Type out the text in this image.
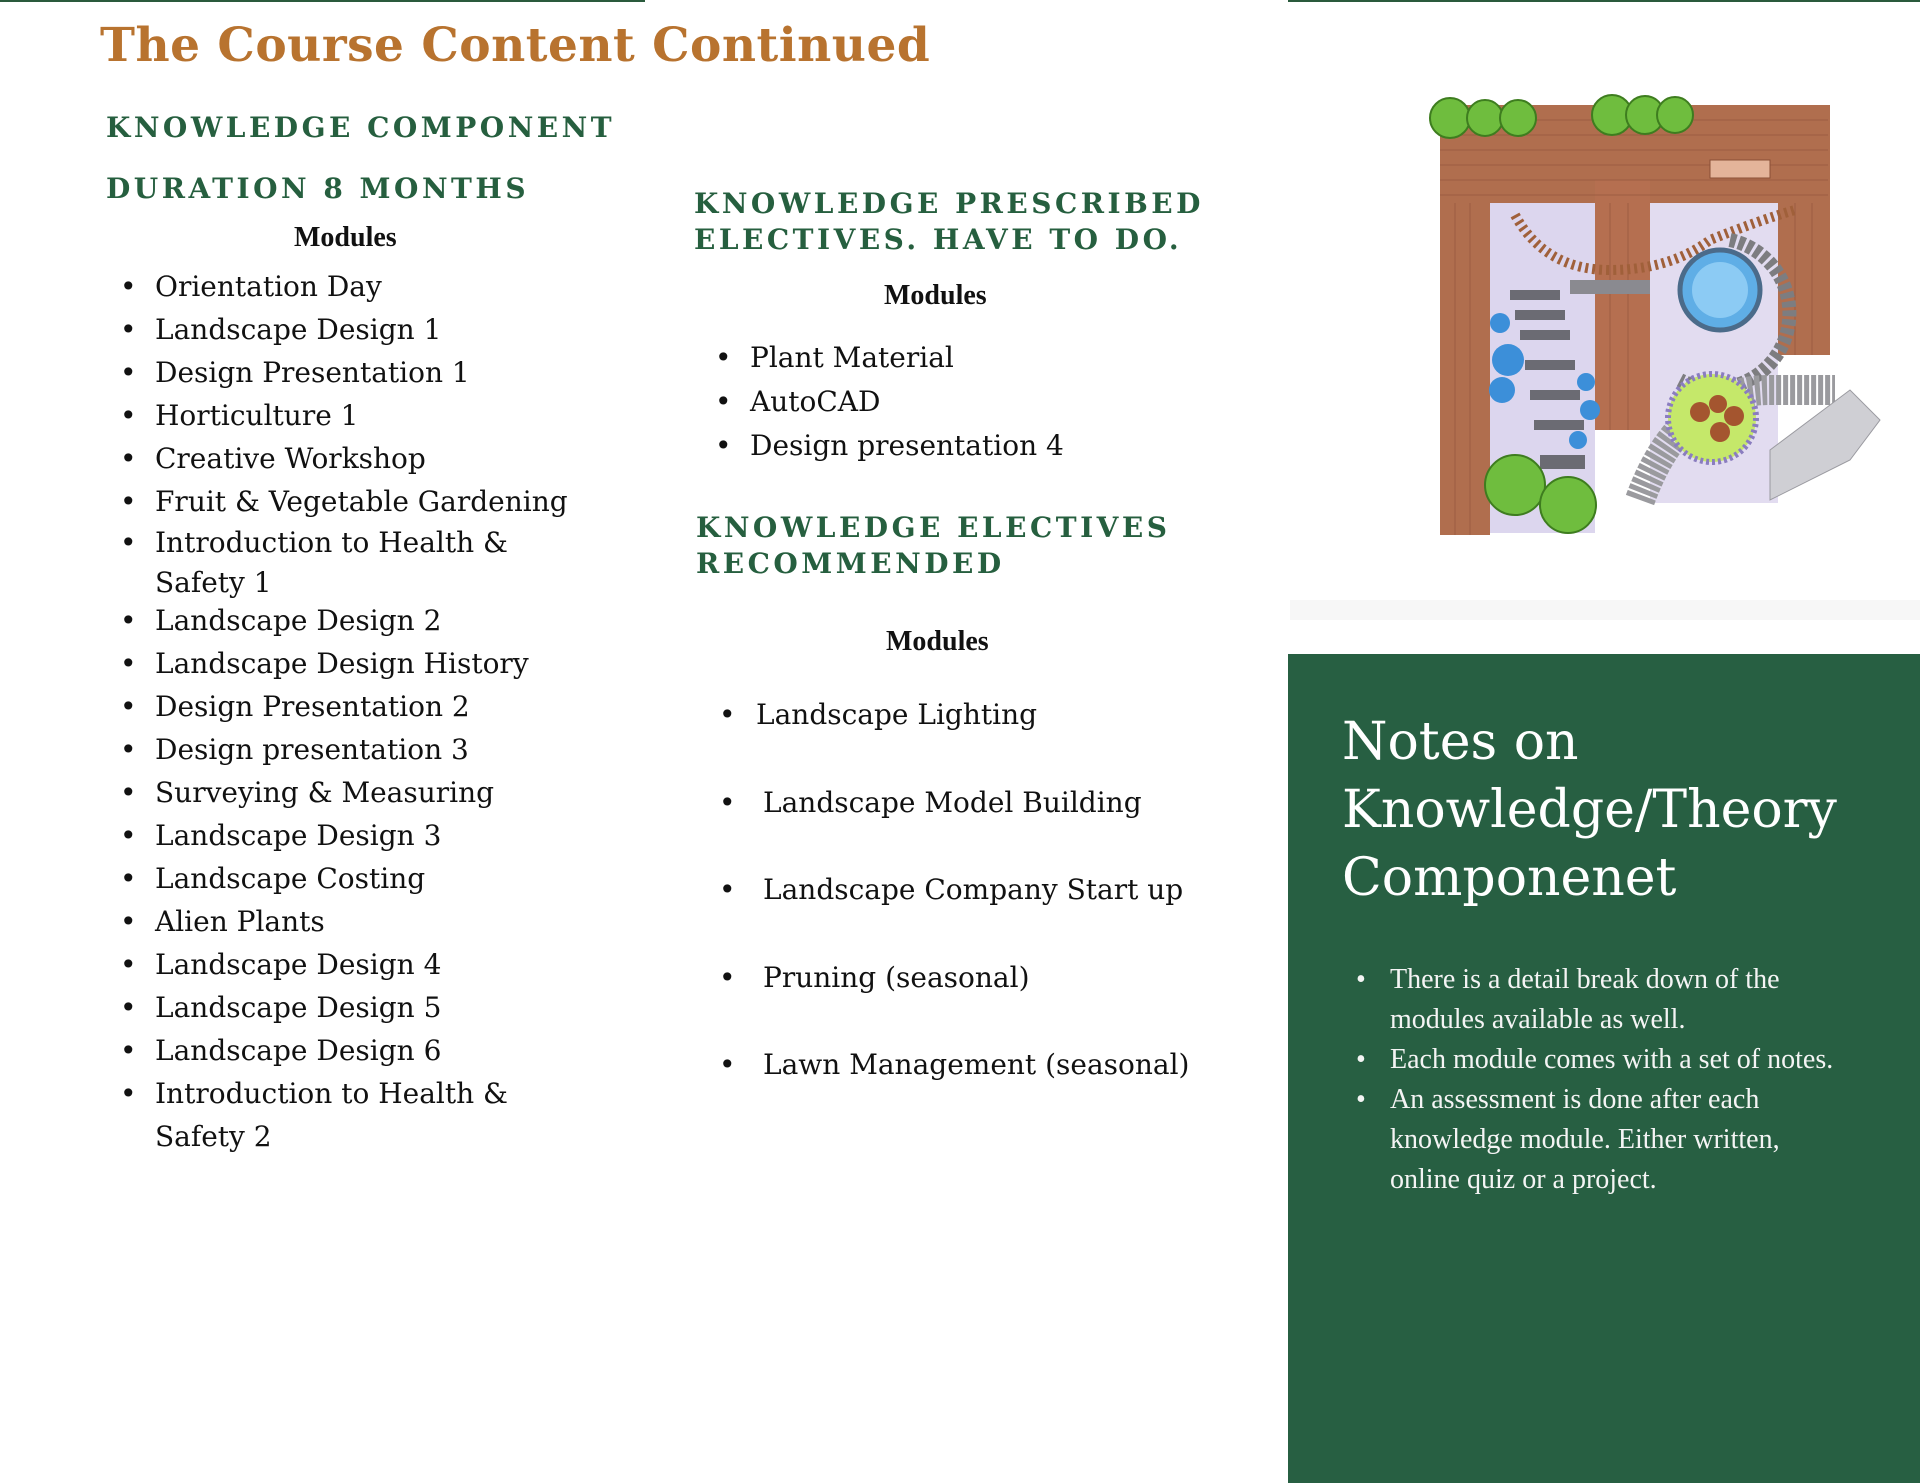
The Course Content Continued
KNOWLEDGE COMPONENT
DURATION 8 MONTHS
Modules
• Orientation Day
• Landscape Design 1
• Design Presentation 1
• Horticulture 1
• Creative Workshop
• Fruit & Vegetable Gardening
• Introduction to Health & Safety 1
• Landscape Design 2
• Landscape Design History
• Design Presentation 2
• Design presentation 3
• Surveying & Measuring
• Landscape Design 3
• Landscape Costing
• Alien Plants
• Landscape Design 4
• Landscape Design 5
• Landscape Design 6
• Introduction to Health & Safety 2
KNOWLEDGE PRESCRIBED
ELECTIVES. HAVE TO DO.
Modules
• Plant Material
• AutoCAD
• Design presentation 4
KNOWLEDGE ELECTIVES
RECOMMENDED
Modules
• Landscape Lighting
• Landscape Model Building
• Landscape Company Start up
• Pruning (seasonal)
• Lawn Management (seasonal)
Notes on
Knowledge/Theory
Componenet
• There is a detail break down of the modules available as well.
• Each module comes with a set of notes.
• An assessment is done after each knowledge module. Either written, online quiz or a project.
